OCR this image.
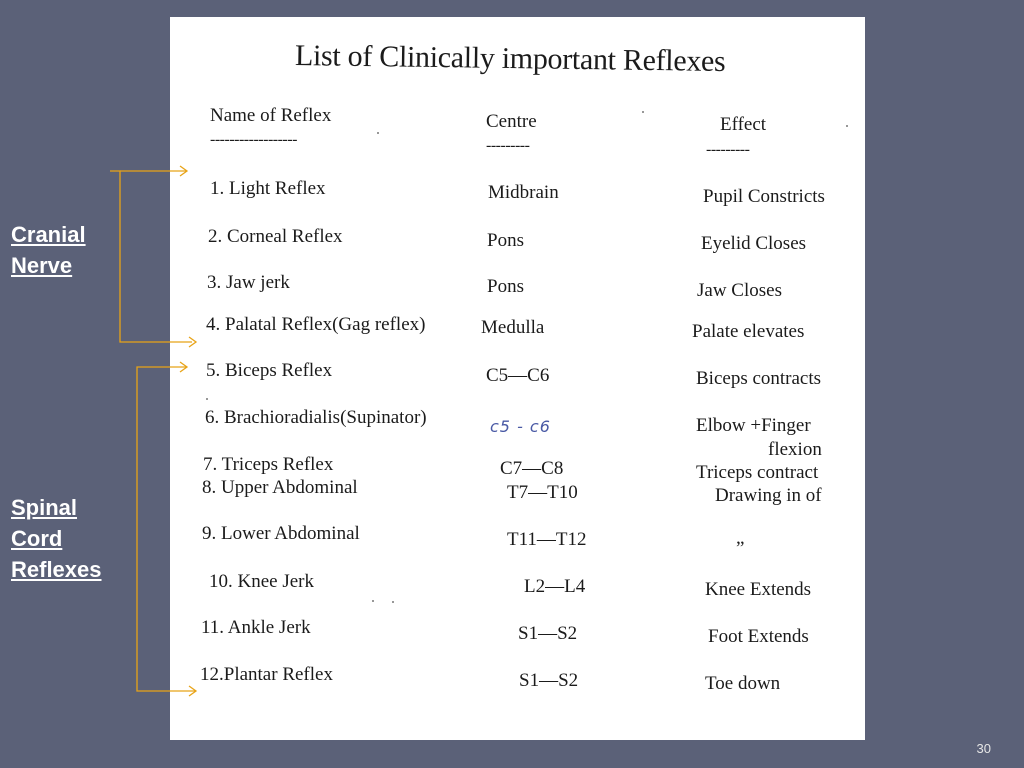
Cranial
Nerve
Spinal
Cord
Reflexes
List of Clinically important Reflexes
Name of Reflex	Centre	Effect
------------------	---------	---------
1. Light Reflex	Midbrain	Pupil Constricts
2. Corneal Reflex	Pons	Eyelid Closes
3. Jaw jerk	Pons	Jaw Closes
4. Palatal Reflex(Gag reflex)	Medulla	Palate elevates
5. Biceps Reflex	C5—C6	Biceps contracts
6. Brachioradialis(Supinator)	c5 - c6	Elbow +Finger
flexion
7. Triceps Reflex	C7—C8	Triceps contract
8. Upper Abdominal	T7—T10	Drawing in of
9. Lower Abdominal	T11—T12	”
10. Knee Jerk	L2—L4	Knee Extends
11. Ankle Jerk	S1—S2	Foot Extends
12.Plantar Reflex	S1—S2	Toe down
30
